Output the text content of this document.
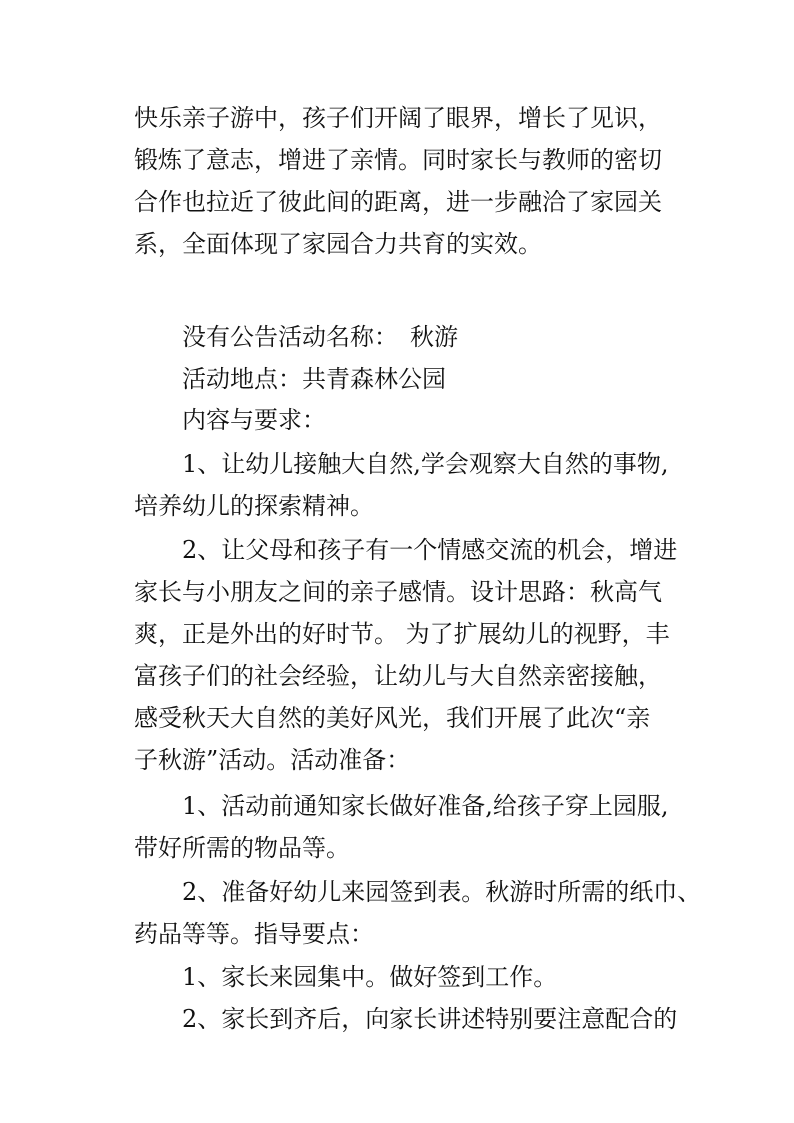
快乐亲子游中，孩子们开阔了眼界，增长了见识，
锻炼了意志，增进了亲情。同时家长与教师的密切
合作也拉近了彼此间的距离，进一步融洽了家园关
系，全面体现了家园合力共育的实效。
没有公告活动名称：　秋游
活动地点：共青森林公园
内容与要求：
1、让幼儿接触大自然,学会观察大自然的事物,
培养幼儿的探索精神。
2、让父母和孩子有一个情感交流的机会，增进
家长与小朋友之间的亲子感情。设计思路：秋高气
爽，正是外出的好时节。 为了扩展幼儿的视野，丰
富孩子们的社会经验，让幼儿与大自然亲密接触，
感受秋天大自然的美好风光，我们开展了此次“亲
子秋游”活动。活动准备：
1、活动前通知家长做好准备,给孩子穿上园服,
带好所需的物品等。
2、准备好幼儿来园签到表。秋游时所需的纸巾、
药品等等。指导要点：
1、家长来园集中。做好签到工作。
2、家长到齐后，向家长讲述特别要注意配合的
